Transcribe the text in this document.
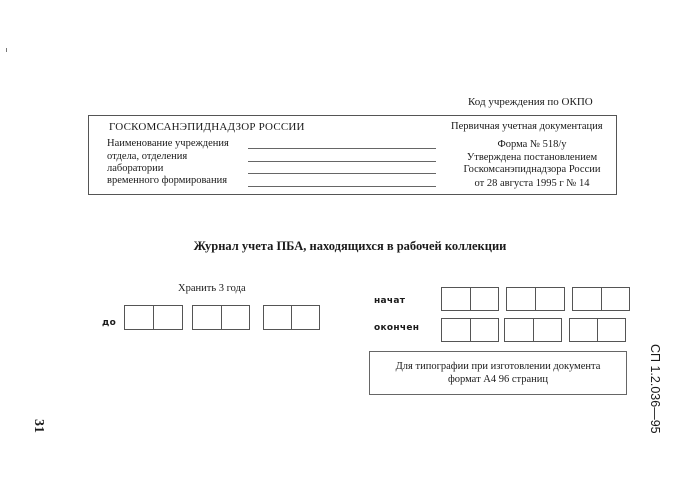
Код учреждения по ОКПО
ГОСКОМСАНЭПИДНАДЗОР РОССИИ	Первичная учетная документация
Наименование учреждения
отдела, отделения
лаборатории
временного формирования
Форма № 518/у
Утверждена постановлением
Госкомсанэпиднадзора России
от 28 августа 1995 г № 14
Журнал учета ПБА, находящихся в рабочей коллекции
Хранить 3 года
до
начат
окончен
Для типографии при изготовлении документа
формат А4 96 страниц	СП 1.2.036—95
31
